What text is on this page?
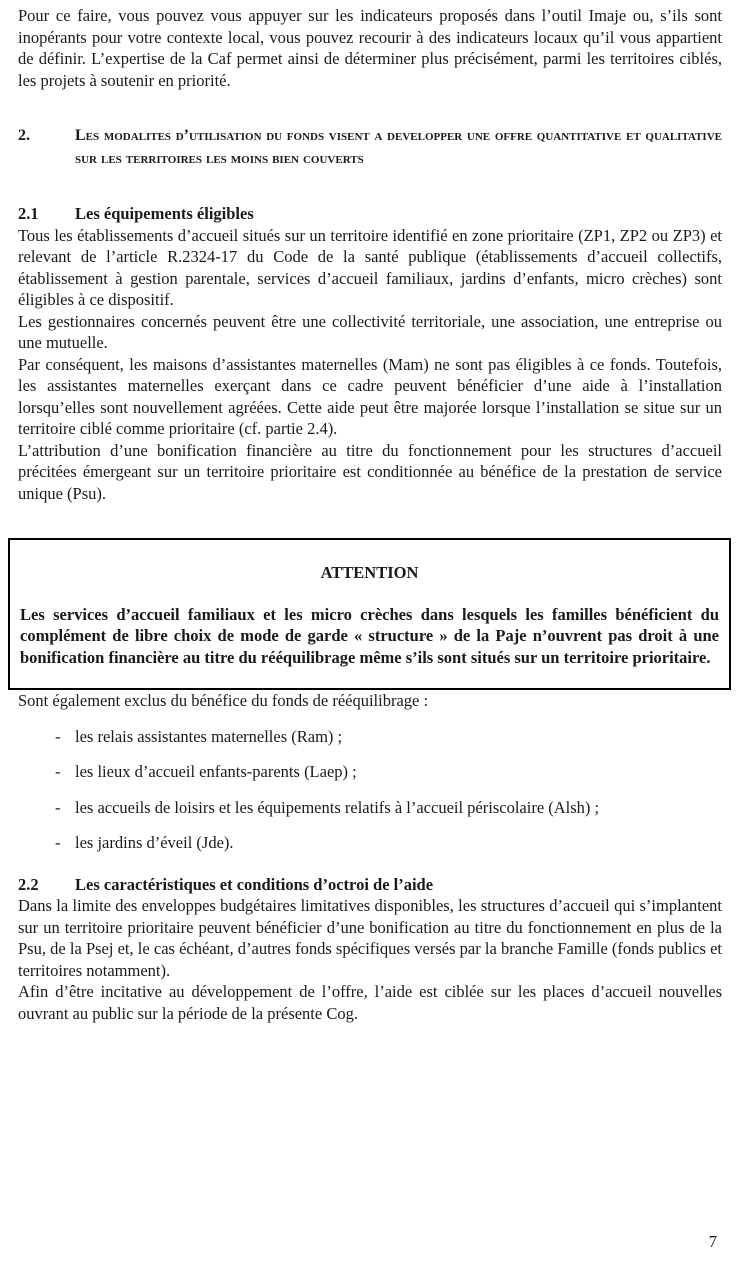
Pour ce faire, vous pouvez vous appuyer sur les indicateurs proposés dans l’outil Imaje ou, s’ils sont inopérants pour votre contexte local, vous pouvez recourir à des indicateurs locaux qu’il vous appartient de définir. L’expertise de la Caf permet ainsi de déterminer plus précisément, parmi les territoires ciblés, les projets à soutenir en priorité.

2.	Les modalites d’utilisation du fonds visent a developper une offre quantitative et qualitative sur les territoires les moins bien couverts
2.1	Les équipements éligibles

Tous les établissements d’accueil situés sur un territoire identifié en zone prioritaire (ZP1, ZP2 ou ZP3) et relevant de l’article R.2324-17 du Code de la santé publique (établissements d’accueil collectifs, établissement à gestion parentale, services d’accueil familiaux, jardins d’enfants, micro crèches) sont éligibles à ce dispositif.

Les gestionnaires concernés peuvent être une collectivité territoriale, une association, une entreprise ou une mutuelle.

Par conséquent, les maisons d’assistantes maternelles (Mam) ne sont pas éligibles à ce fonds. Toutefois, les assistantes maternelles exerçant dans ce cadre peuvent bénéficier d’une aide à l’installation lorsqu’elles sont nouvellement agréées. Cette aide peut être majorée lorsque l’installation se situe sur un territoire ciblé comme prioritaire (cf. partie 2.4).

L’attribution d’une bonification financière au titre du fonctionnement pour les structures d’accueil précitées émergeant sur un territoire prioritaire est conditionnée au bénéfice de la prestation de service unique (Psu).

ATTENTION

Les services d’accueil familiaux et les micro crèches dans lesquels les familles bénéficient du complément de libre choix de mode de garde « structure » de la Paje n’ouvrent pas droit à une bonification financière au titre du rééquilibrage même s’ils sont situés sur un territoire prioritaire.

Sont également exclus du bénéfice du fonds de rééquilibrage :

- les relais assistantes maternelles (Ram) ;
- les lieux d’accueil enfants-parents (Laep) ;
- les accueils de loisirs et les équipements relatifs à l’accueil périscolaire (Alsh) ;
- les jardins d’éveil (Jde).
2.2	Les caractéristiques et conditions d’octroi de l’aide

Dans la limite des enveloppes budgétaires limitatives disponibles, les structures d’accueil qui s’implantent sur un territoire prioritaire peuvent bénéficier d’une bonification au titre du fonctionnement en plus de la Psu, de la Psej et, le cas échéant, d’autres fonds spécifiques versés par la branche Famille (fonds publics et territoires notamment).

Afin d’être incitative au développement de l’offre, l’aide est ciblée sur les places d’accueil nouvelles ouvrant au public sur la période de la présente Cog.

7
